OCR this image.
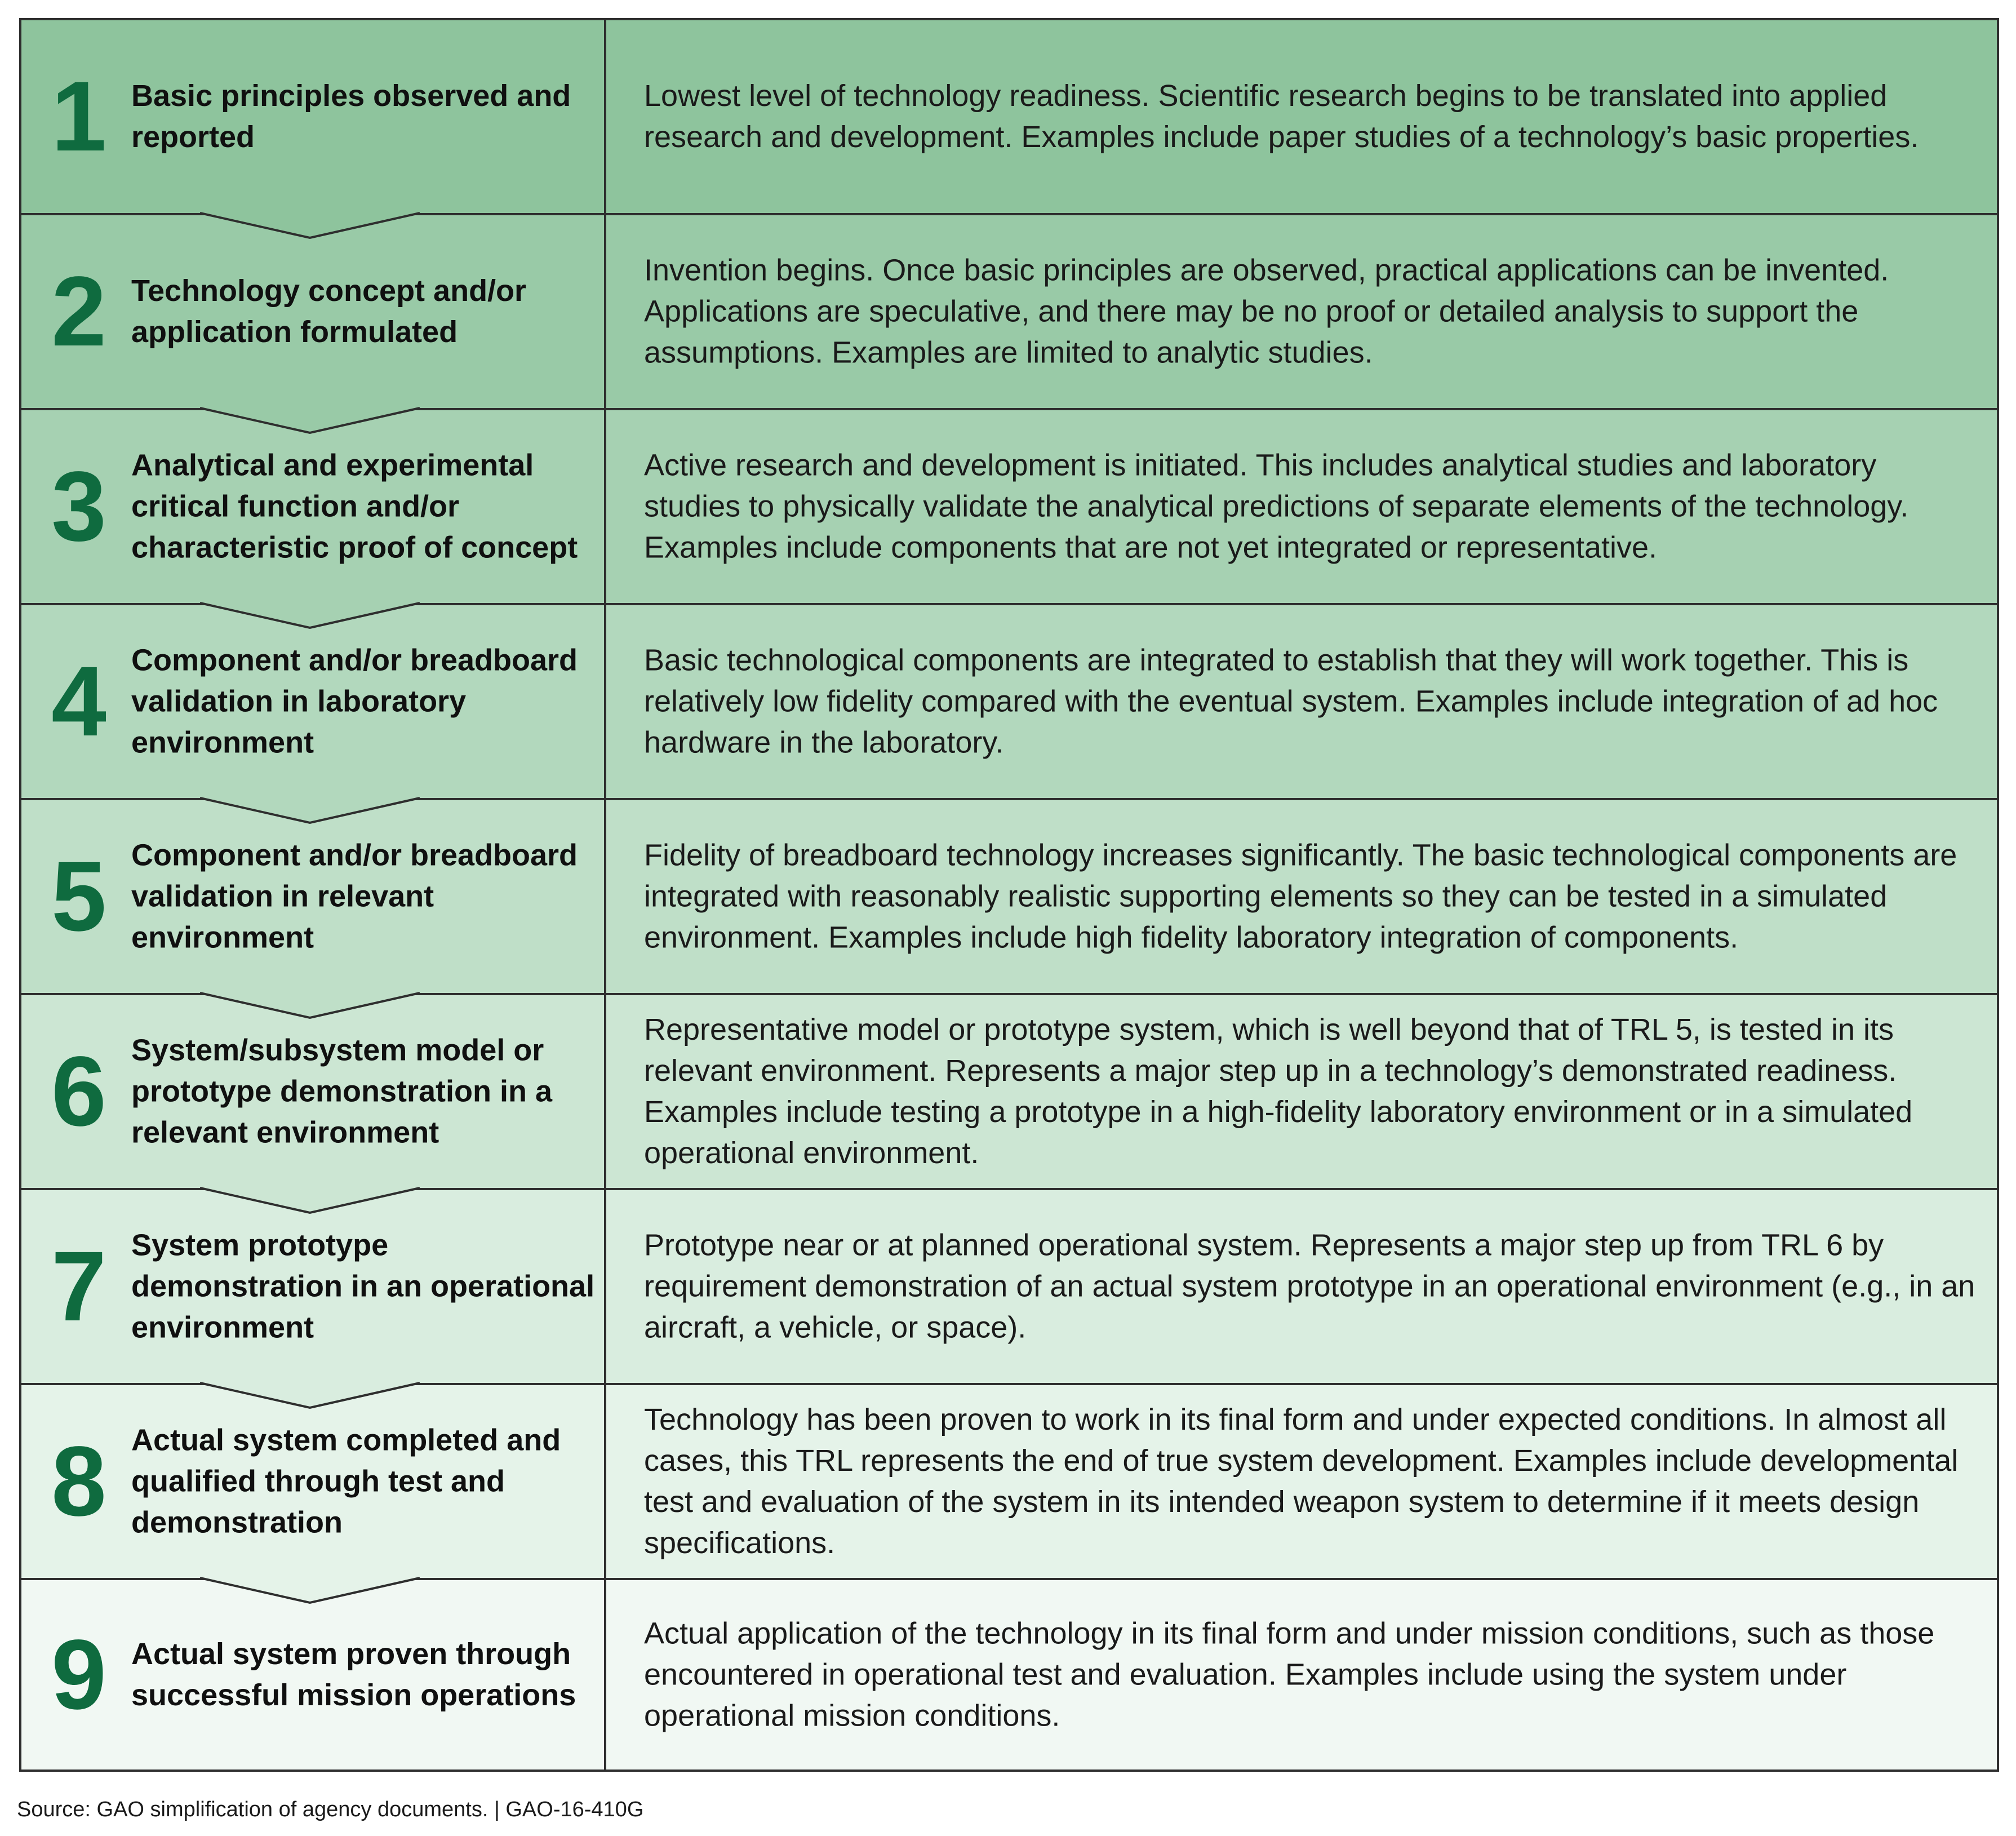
1 Basic principles observed and reported
Lowest level of technology readiness. Scientific research begins to be translated into applied research and development. Examples include paper studies of a technology’s basic properties.
2 Technology concept and/or application formulated
Invention begins. Once basic principles are observed, practical applications can be invented. Applications are speculative, and there may be no proof or detailed analysis to support the assumptions. Examples are limited to analytic studies.
3 Analytical and experimental critical function and/or characteristic proof of concept
Active research and development is initiated. This includes analytical studies and laboratory studies to physically validate the analytical predictions of separate elements of the technology. Examples include components that are not yet integrated or representative.
4 Component and/or breadboard validation in laboratory environment
Basic technological components are integrated to establish that they will work together. This is relatively low fidelity compared with the eventual system. Examples include integration of ad hoc hardware in the laboratory.
5 Component and/or breadboard validation in relevant environment
Fidelity of breadboard technology increases significantly. The basic technological components are integrated with reasonably realistic supporting elements so they can be tested in a simulated environment. Examples include high fidelity laboratory integration of components.
6 System/subsystem model or prototype demonstration in a relevant environment
Representative model or prototype system, which is well beyond that of TRL 5, is tested in its relevant environment. Represents a major step up in a technology’s demonstrated readiness. Examples include testing a prototype in a high-fidelity laboratory environment or in a simulated operational environment.
7 System prototype demonstration in an operational environment
Prototype near or at planned operational system. Represents a major step up from TRL 6 by requirement demonstration of an actual system prototype in an operational environment (e.g., in an aircraft, a vehicle, or space).
8 Actual system completed and qualified through test and demonstration
Technology has been proven to work in its final form and under expected conditions. In almost all cases, this TRL represents the end of true system development. Examples include developmental test and evaluation of the system in its intended weapon system to determine if it meets design specifications.
9 Actual system proven through successful mission operations
Actual application of the technology in its final form and under mission conditions, such as those encountered in operational test and evaluation. Examples include using the system under operational mission conditions.
Source: GAO simplification of agency documents. | GAO-16-410G
